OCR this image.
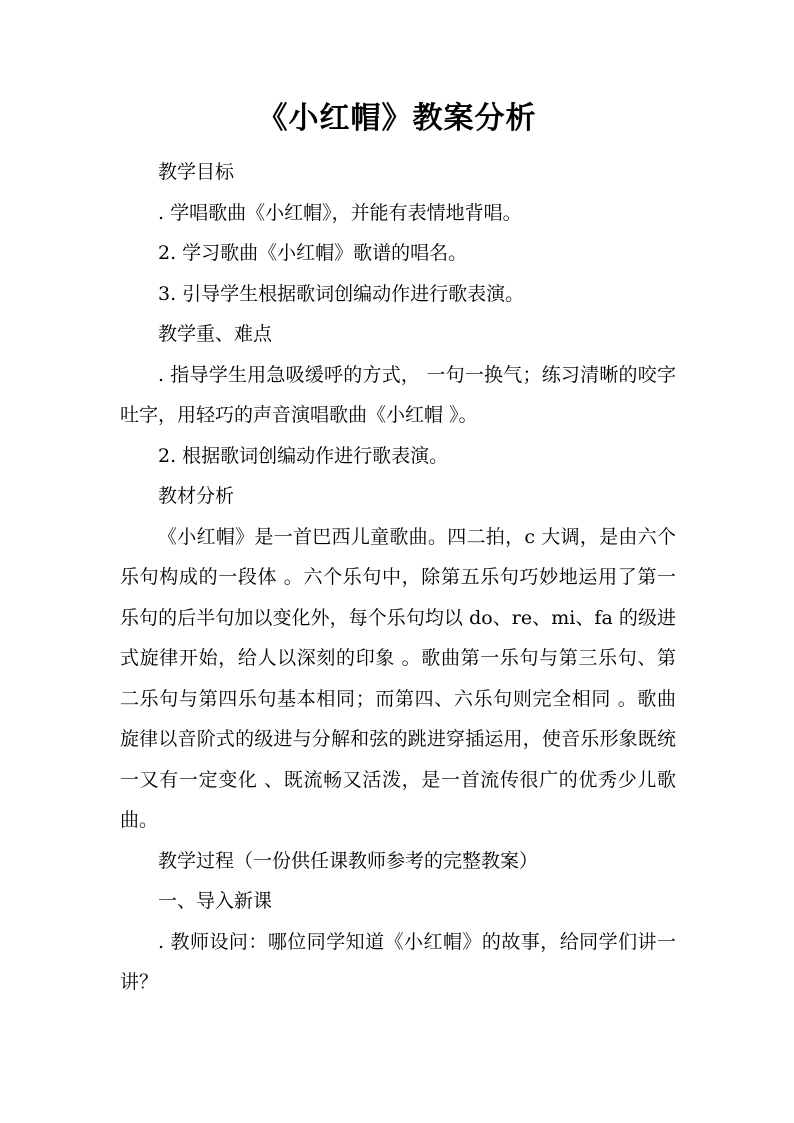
《小红帽》教案分析

教学目标

. 学唱歌曲《小红帽》，并能有表情地背唱。

2. 学习歌曲《小红帽》歌谱的唱名。

3. 引导学生根据歌词创编动作进行歌表演。

教学重、难点

. 指导学生用急吸缓呼的方式， 一句一换气；练习清晰的咬字吐字，用轻巧的声音演唱歌曲《小红帽 》。

2. 根据歌词创编动作进行歌表演。

教材分析

《小红帽》是一首巴西儿童歌曲。四二拍，c 大调，是由六个乐句构成的一段体 。六个乐句中，除第五乐句巧妙地运用了第一乐句的后半句加以变化外，每个乐句均以 do、re、mi、fa 的级进式旋律开始，给人以深刻的印象 。歌曲第一乐句与第三乐句、第二乐句与第四乐句基本相同；而第四、六乐句则完全相同 。歌曲旋律以音阶式的级进与分解和弦的跳进穿插运用，使音乐形象既统一又有一定变化 、既流畅又活泼，是一首流传很广的优秀少儿歌曲。

教学过程（一份供任课教师参考的完整教案）

一、导入新课

. 教师设问：哪位同学知道《小红帽》的故事，给同学们讲一讲？
